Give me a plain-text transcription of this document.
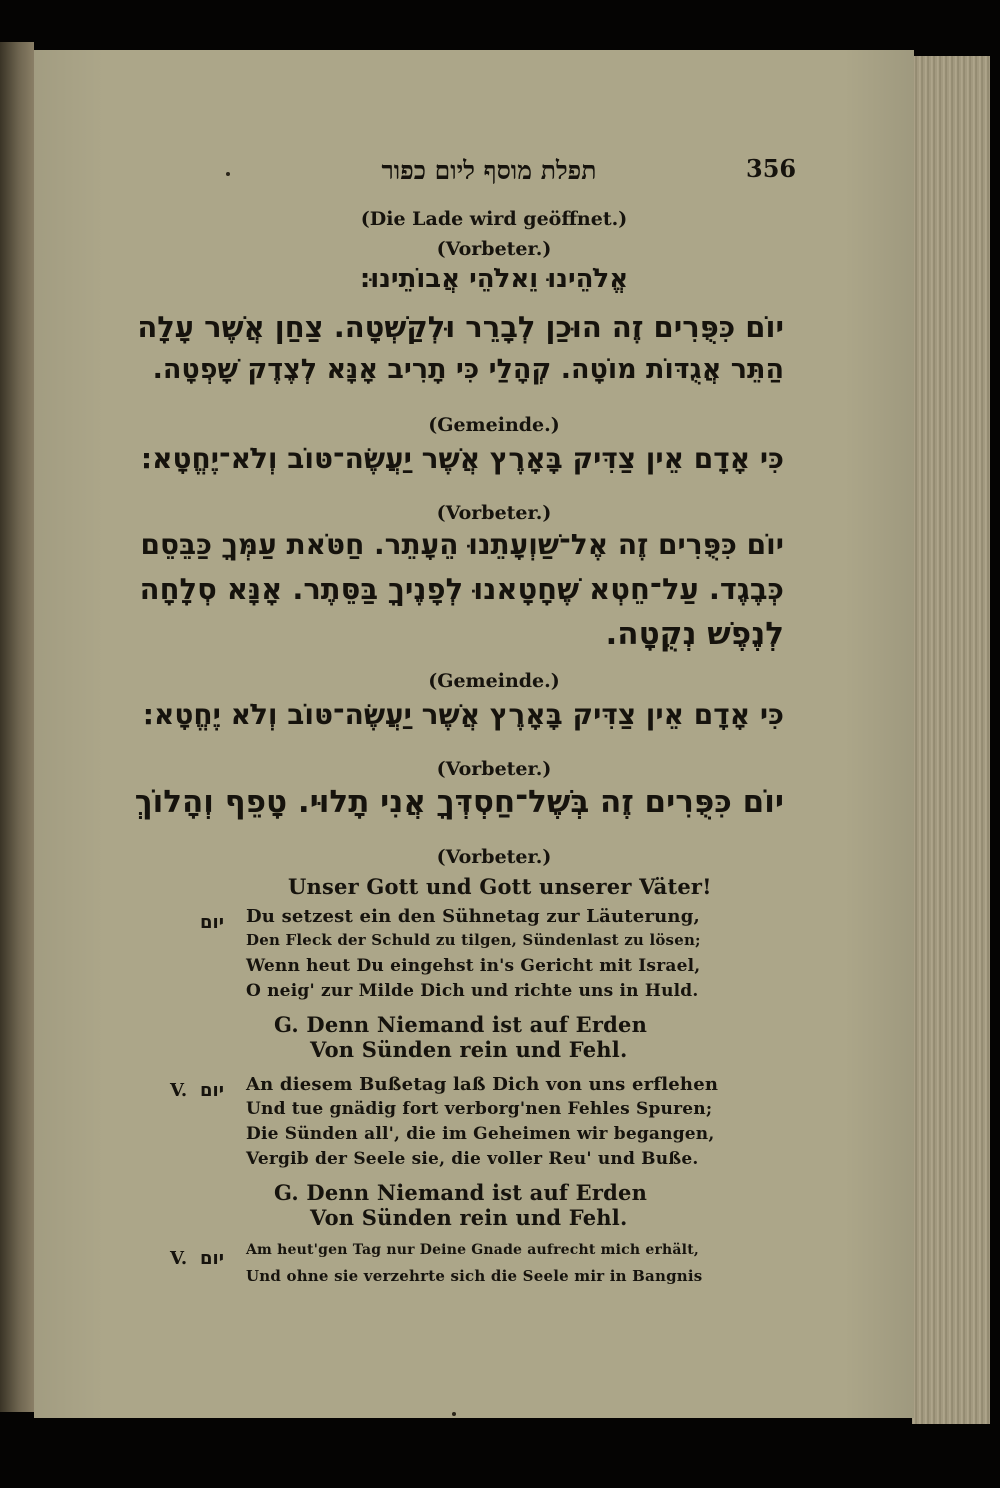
תפלת מוסף ליום כפור	356
(Die Lade wird geöffnet.)
(Vorbeter.)
אֱלֹהֵינוּ וֵאלֹהֵי אֲבוֹתֵינוּ:
יוֹם כִּפֻּרִים זֶה הוּכַן לְבָרֵר וּלְקַשְׁטָה. צַחַן אֲשֶׁר עָלָה
הַתֵּר אֲגֻדּוֹת מוֹטָה. קְהָלַי כִּי תָרִיב אָנָּא לְצֶדֶק שָׁפְטָה.
(Gemeinde.)
כִּי אָדָם אֵין צַדִּיק בָּאָרֶץ אֲשֶׁר יַעֲשֶׂה־טּוֹב וְלֹא־יֶחֱטָא:
(Vorbeter.)
יוֹם כִּפֻּרִים זֶה אֶל־שַׁוְעָתֵנוּ הֵעָתֵר. חַטֹּאת עַמְּךָ כַּבֵּסֵם
כְּבֶגֶד. עַל־חֵטְא שֶׁחָטָאנוּ לְפָנֶיךָ בַּסֵּתֶר. אָנָּא סְלָחָה
לְנֶפֶשׁ נְקֻטָה.
(Gemeinde.)
כִּי אָדָם אֵין צַדִּיק בָּאָרֶץ אֲשֶׁר יַעֲשֶׂה־טּוֹב וְלֹא יֶחֱטָא:
(Vorbeter.)
יוֹם כִּפֻּרִים זֶה בְּשֶׁל־חַסְדְּךָ אֲנִי תָלוּי. טָפֵף וְהָלוֹךְ
(Vorbeter.)
Unser Gott und Gott unserer Väter!
יום Du setzest ein den Sühnetag zur Läuterung,
Den Fleck der Schuld zu tilgen, Sündenlast zu lösen;
Wenn heut Du eingehst in's Gericht mit Israel,
O neig' zur Milde Dich und richte uns in Huld.
G. Denn Niemand ist auf Erden
Von Sünden rein und Fehl.
V. יום An diesem Bußetag laß Dich von uns erflehen
Und tue gnädig fort verborg'nen Fehles Spuren;
Die Sünden all', die im Geheimen wir begangen,
Vergib der Seele sie, die voller Reu' und Buße.
G. Denn Niemand ist auf Erden
Von Sünden rein und Fehl.
V. יום Am heut'gen Tag nur Deine Gnade aufrecht mich erhält,
Und ohne sie verzehrte sich die Seele mir in Bangnis
